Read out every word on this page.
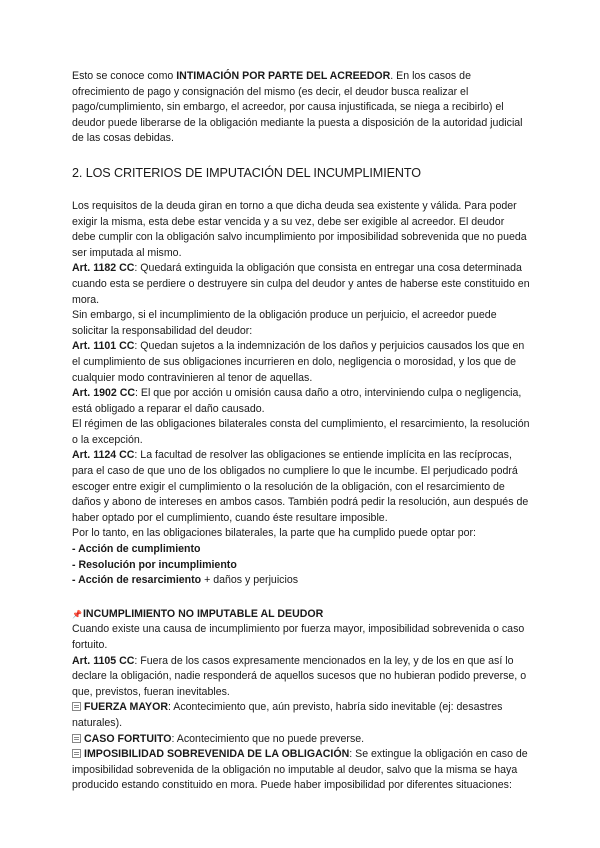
Esto se conoce como INTIMACIÓN POR PARTE DEL ACREEDOR. En los casos de ofrecimiento de pago y consignación del mismo (es decir, el deudor busca realizar el pago/cumplimiento, sin embargo, el acreedor, por causa injustificada, se niega a recibirlo) el deudor puede liberarse de la obligación mediante la puesta a disposición de la autoridad judicial de las cosas debidas.

2. LOS CRITERIOS DE IMPUTACIÓN DEL INCUMPLIMIENTO

Los requisitos de la deuda giran en torno a que dicha deuda sea existente y válida. Para poder exigir la misma, esta debe estar vencida y a su vez, debe ser exigible al acreedor. El deudor debe cumplir con la obligación salvo incumplimiento por imposibilidad sobrevenida que no pueda ser imputada al mismo.

Art. 1182 CC: Quedará extinguida la obligación que consista en entregar una cosa determinada cuando esta se perdiere o destruyere sin culpa del deudor y antes de haberse este constituido en mora.

Sin embargo, si el incumplimiento de la obligación produce un perjuicio, el acreedor puede solicitar la responsabilidad del deudor:

Art. 1101 CC: Quedan sujetos a la indemnización de los daños y perjuicios causados los que en el cumplimiento de sus obligaciones incurrieren en dolo, negligencia o morosidad, y los que de cualquier modo contravinieren al tenor de aquellas.

Art. 1902 CC: El que por acción u omisión causa daño a otro, interviniendo culpa o negligencia, está obligado a reparar el daño causado.

El régimen de las obligaciones bilaterales consta del cumplimiento, el resarcimiento, la resolución o la excepción.

Art. 1124 CC: La facultad de resolver las obligaciones se entiende implícita en las recíprocas, para el caso de que uno de los obligados no cumpliere lo que le incumbe. El perjudicado podrá escoger entre exigir el cumplimiento o la resolución de la obligación, con el resarcimiento de daños y abono de intereses en ambos casos. También podrá pedir la resolución, aun después de haber optado por el cumplimiento, cuando éste resultare imposible.

Por lo tanto, en las obligaciones bilaterales, la parte que ha cumplido puede optar por:

- Acción de cumplimiento

- Resolución por incumplimiento

- Acción de resarcimiento + daños y perjuicios

📌INCUMPLIMIENTO NO IMPUTABLE AL DEUDOR

Cuando existe una causa de incumplimiento por fuerza mayor, imposibilidad sobrevenida o caso fortuito.

Art. 1105 CC: Fuera de los casos expresamente mencionados en la ley, y de los en que así lo declare la obligación, nadie responderá de aquellos sucesos que no hubieran podido preverse, o que, previstos, fueran inevitables.

FUERZA MAYOR: Acontecimiento que, aún previsto, habría sido inevitable (ej: desastres naturales).

CASO FORTUITO: Acontecimiento que no puede preverse.

IMPOSIBILIDAD SOBREVENIDA DE LA OBLIGACIÓN: Se extingue la obligación en caso de imposibilidad sobrevenida de la obligación no imputable al deudor, salvo que la misma se haya producido estando constituido en mora. Puede haber imposibilidad por diferentes situaciones:
